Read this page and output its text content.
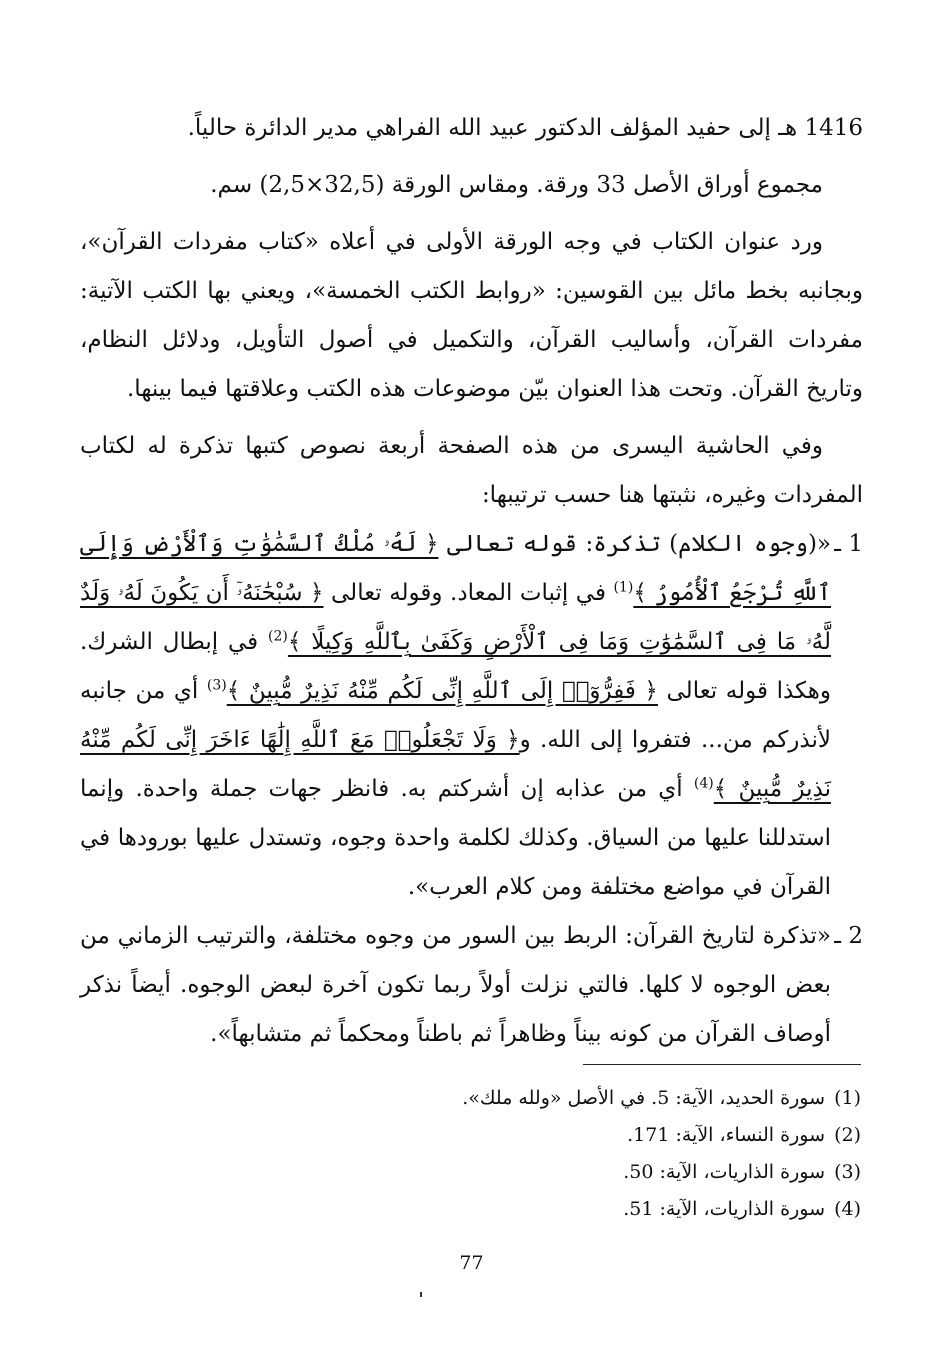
1416 هـ إلى حفيد المؤلف الدكتور عبيد الله الفراهي مدير الدائرة حالياً.

مجموع أوراق الأصل 33 ورقة. ومقاس الورقة (32,5×2,5) سم.

ورد عنوان الكتاب في وجه الورقة الأولى في أعلاه «كتاب مفردات القرآن»، وبجانبه بخط مائل بين القوسين: «روابط الكتب الخمسة»، ويعني بها الكتب الآتية: مفردات القرآن، وأساليب القرآن، والتكميل في أصول التأويل، ودلائل النظام، وتاريخ القرآن. وتحت هذا العنوان بيّن موضوعات هذه الكتب وعلاقتها فيما بينها.

وفي الحاشية اليسرى من هذه الصفحة أربعة نصوص كتبها تذكرة له لكتاب المفردات وغيره، نثبتها هنا حسب ترتيبها:

1 ـ«(وجوه الكلام) تذكرة: قوله تعالى ﴿ لَهُۥ مُلْكُ ٱلسَّمَٰوَٰتِ وَٱلْأَرْضِ وَإِلَى ٱللَّهِ تُرْجَعُ ٱلْأُمُورُ ﴾$^{(1)}$ في إثبات المعاد. وقوله تعالى ﴿ سُبْحَٰنَهُۥٓ أَن يَكُونَ لَهُۥ وَلَدٌ لَّهُۥ مَا فِى ٱلسَّمَٰوَٰتِ وَمَا فِى ٱلْأَرْضِ وَكَفَىٰ بِٱللَّهِ وَكِيلًا ﴾$^{(2)}$ في إبطال الشرك. وهكذا قوله تعالى ﴿ فَفِرُّوٓا۟ إِلَى ٱللَّهِ إِنِّى لَكُم مِّنْهُ نَذِيرٌ مُّبِينٌ ﴾$^{(3)}$ أي من جانبه لأنذركم من... فتفروا إلى الله. و﴿ وَلَا تَجْعَلُوا۟ مَعَ ٱللَّهِ إِلَٰهًا ءَاخَرَ إِنِّى لَكُم مِّنْهُ نَذِيرٌ مُّبِينٌ ﴾$^{(4)}$ أي من عذابه إن أشركتم به. فانظر جهات جملة واحدة. وإنما استدللنا عليها من السياق. وكذلك لكلمة واحدة وجوه، وتستدل عليها بورودها في القرآن في مواضع مختلفة ومن كلام العرب».

2 ـ«تذكرة لتاريخ القرآن: الربط بين السور من وجوه مختلفة، والترتيب الزماني من بعض الوجوه لا كلها. فالتي نزلت أولاً ربما تكون آخرة لبعض الوجوه. أيضاً نذكر أوصاف القرآن من كونه بيناً وظاهراً ثم باطناً ومحكماً ثم متشابهاً».

(1)سورة الحديد، الآية: 5. في الأصل «ولله ملك».

(2)سورة النساء، الآية: 171.

(3)سورة الذاريات، الآية: 50.

(4)سورة الذاريات، الآية: 51.

77
